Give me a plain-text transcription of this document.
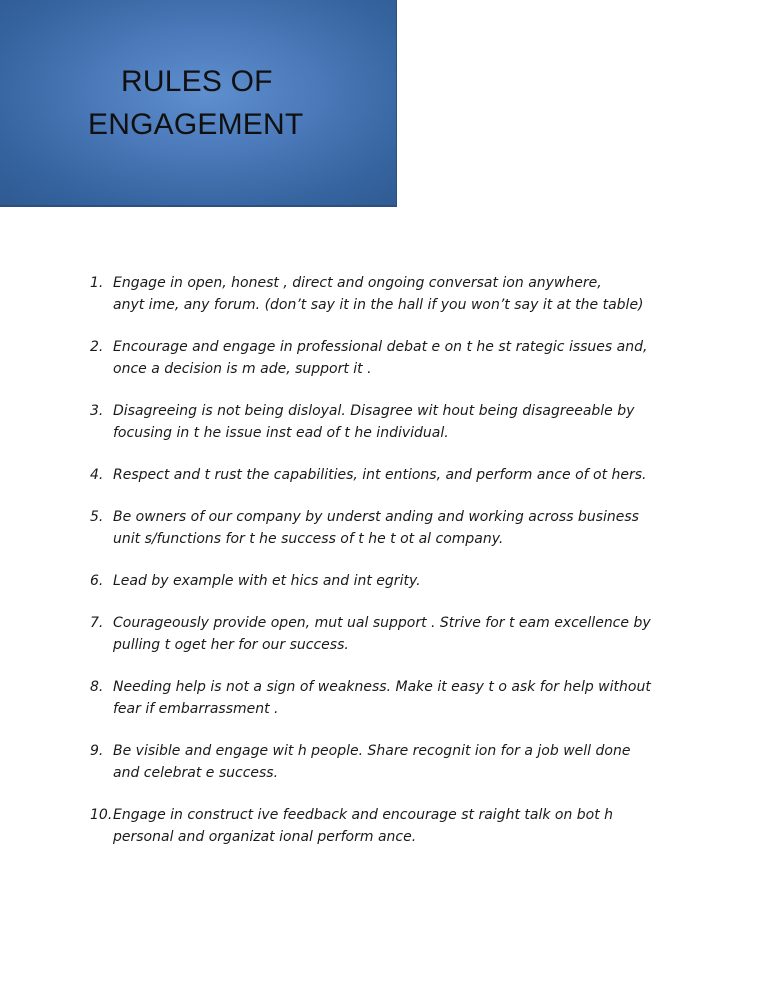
RULES OF
ENGAGEMENT
1. Engage in open, honest , direct and ongoing conversat ion anywhere,
anyt ime, any forum. (don’t say it in the hall if you won’t say it at the table)
2. Encourage and engage in professional debat e on t he st rategic issues and,
once a decision is m ade, support it .
3. Disagreeing is not being disloyal. Disagree wit hout being disagreeable by
focusing in t he issue inst ead of t he individual.
4. Respect and t rust the capabilities, int entions, and perform ance of ot hers.
5. Be owners of our company by underst anding and working across business
unit s/functions for t he success of t he t ot al company.
6. Lead by example with et hics and int egrity.
7. Courageously provide open, mut ual support . Strive for t eam excellence by
pulling t oget her for our success.
8. Needing help is not a sign of weakness. Make it easy t o ask for help without
fear if embarrassment .
9. Be visible and engage wit h people. Share recognit ion for a job well done
and celebrat e success.
10. Engage in construct ive feedback and encourage st raight talk on bot h
personal and organizat ional perform ance.
